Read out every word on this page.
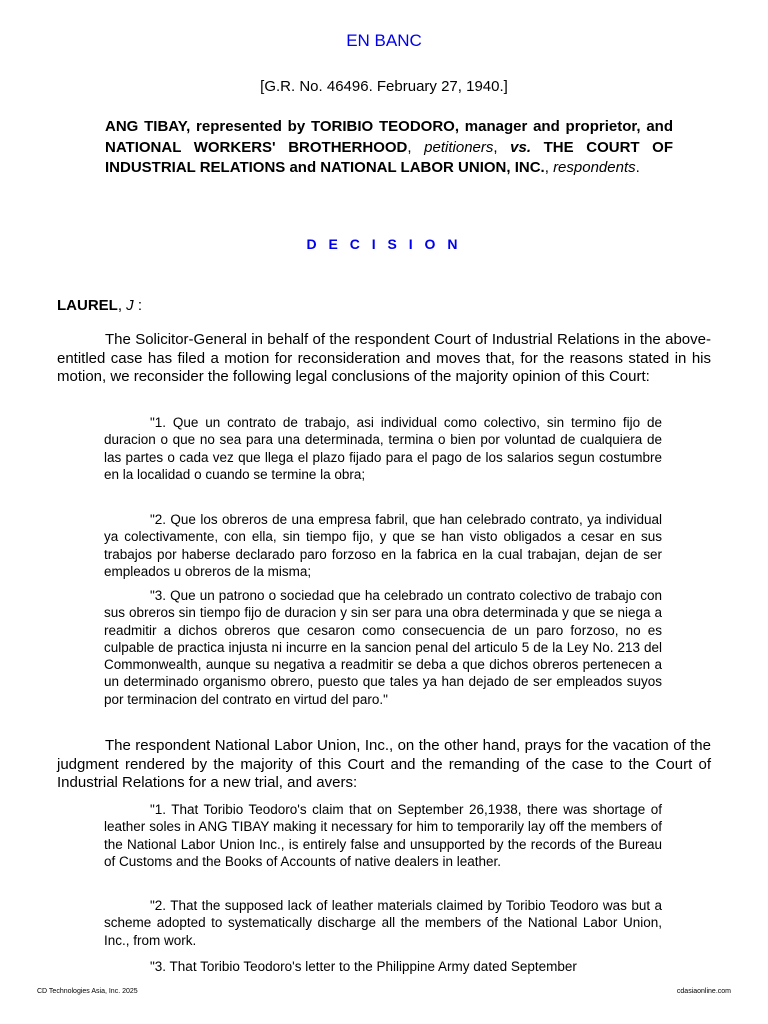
EN BANC
[G.R. No. 46496. February 27, 1940.]
ANG TIBAY, represented by TORIBIO TEODORO, manager and proprietor, and NATIONAL WORKERS' BROTHERHOOD, petitioners, vs. THE COURT OF INDUSTRIAL RELATIONS and NATIONAL LABOR UNION, INC., respondents.
D E C I S I O N
LAUREL, J :
The Solicitor-General in behalf of the respondent Court of Industrial Relations in the above-entitled case has filed a motion for reconsideration and moves that, for the reasons stated in his motion, we reconsider the following legal conclusions of the majority opinion of this Court:
"1. Que un contrato de trabajo, asi individual como colectivo, sin termino fijo de duracion o que no sea para una determinada, termina o bien por voluntad de cualquiera de las partes o cada vez que llega el plazo fijado para el pago de los salarios segun costumbre en la localidad o cuando se termine la obra;
"2. Que los obreros de una empresa fabril, que han celebrado contrato, ya individual ya colectivamente, con ella, sin tiempo fijo, y que se han visto obligados a cesar en sus trabajos por haberse declarado paro forzoso en la fabrica en la cual trabajan, dejan de ser empleados u obreros de la misma;
"3. Que un patrono o sociedad que ha celebrado un contrato colectivo de trabajo con sus obreros sin tiempo fijo de duracion y sin ser para una obra determinada y que se niega a readmitir a dichos obreros que cesaron como consecuencia de un paro forzoso, no es culpable de practica injusta ni incurre en la sancion penal del articulo 5 de la Ley No. 213 del Commonwealth, aunque su negativa a readmitir se deba a que dichos obreros pertenecen a un determinado organismo obrero, puesto que tales ya han dejado de ser empleados suyos por terminacion del contrato en virtud del paro."
The respondent National Labor Union, Inc., on the other hand, prays for the vacation of the judgment rendered by the majority of this Court and the remanding of the case to the Court of Industrial Relations for a new trial, and avers:
"1. That Toribio Teodoro's claim that on September 26,1938, there was shortage of leather soles in ANG TIBAY making it necessary for him to temporarily lay off the members of the National Labor Union Inc., is entirely false and unsupported by the records of the Bureau of Customs and the Books of Accounts of native dealers in leather.
"2. That the supposed lack of leather materials claimed by Toribio Teodoro was but a scheme adopted to systematically discharge all the members of the National Labor Union, Inc., from work.
"3. That Toribio Teodoro's letter to the Philippine Army dated September
CD Technologies Asia, Inc. 2025	cdasiaonline.com
